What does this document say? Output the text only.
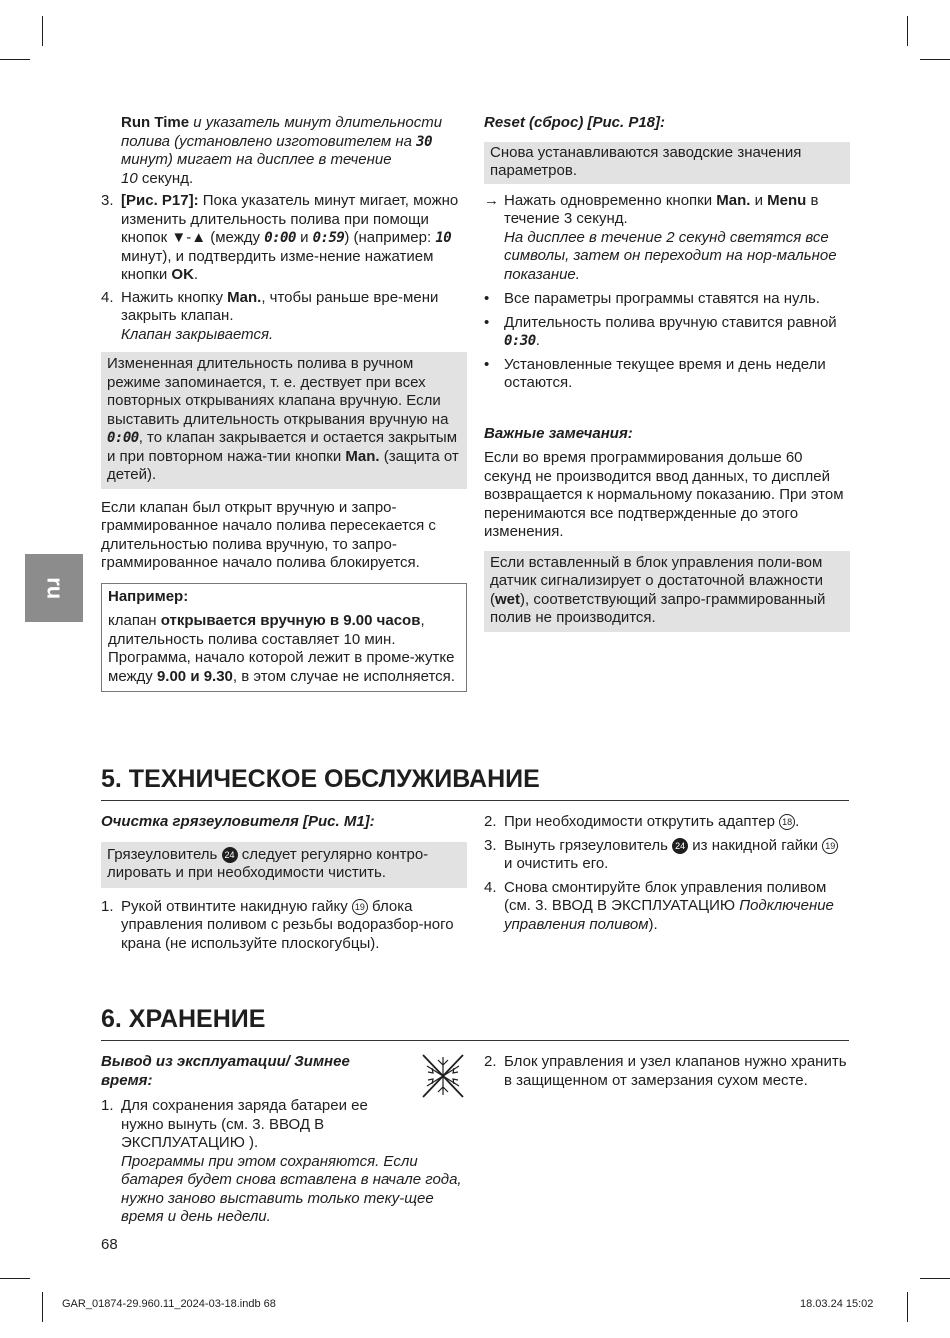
ru
Run Time и указатель минут длительности полива (установлено изготовителем на 30 минут) мигает на дисплее в течение
10 секунд.
3. [Рис. P17]: Пока указатель минут мигает, можно изменить длительность полива при помощи кнопок ▼-▲ (между 0:00 и 0:59) (например: 10 минут), и подтвердить изме-нение нажатием кнопки OK.
4. Нажить кнопку Man., чтобы раньше вре-мени закрыть клапан.
Клапан закрывается.
Измененная длительность полива в ручном режиме запоминается, т. е. дествует при всех повторных открываниях клапана вручную. Если выставить длительность открывания вручную на 0:00, то клапан закрывается и остается закрытым и при повторном нажа-тии кнопки Man. (защита от детей).

Если клапан был открыт вручную и запро-граммированное начало полива пересекается с длительностью полива вручную, то запро-граммированное начало полива блокируется.

Например:
клапан открывается вручную в 9.00 часов, длительность полива составляет 10 мин. Программа, начало которой лежит в проме-жутке между 9.00 и 9.30, в этом случае не исполняется.
Reset (сброс) [Рис. P18]:
Снова устанавливаются заводские значения параметров.
→ Нажать одновременно кнопки Man. и Menu в течение 3 секунд.
На дисплее в течение 2 секунд светятся все символы, затем он переходит на нор-мальное показание.
• Все параметры программы ставятся на нуль.
• Длительность полива вручную ставится равной 0:30.
• Установленные текущее время и день недели остаются.
Важные замечания:

Если во время программирования дольше 60 секунд не производится ввод данных, то дисплей возвращается к нормальному показанию. При этом перенимаются все подтвержденные до этого изменения.

Если вставленный в блок управления поли-вом датчик сигнализирует о достаточной влажности (wet), соответствующий запро-граммированный полив не производится.
5. ТЕХНИЧЕСКОЕ ОБСЛУЖИВАНИЕ
Очистка грязеуловителя [Рис. M1]:
Грязеуловитель 24 следует регулярно контро-лировать и при необходимости чистить.
1. Рукой отвинтите накидную гайку 19 блока управления поливом с резьбы водоразбор-ного крана (не используйте плоскогубцы).
2. При необходимости открутить адаптер 18 .
3. Вынуть грязеуловитель 24 из накидной гайки 19 и очистить его.
4. Снова смонтируйте блок управления поливом (см. 3. ВВОД В ЭКСПЛУАТАЦИЮ Подключение управления поливом).
6. ХРАНЕНИЕ
Вывод из эксплуатации/ Зимнее время:
1. Для сохранения заряда батареи ее нужно вынуть (см. 3. ВВОД В ЭКСПЛУАТАЦИЮ ).
Программы при этом сохраняются. Если батарея будет снова вставлена в начале года, нужно заново выставить только теку-щее время и день недели.
2. Блок управления и узел клапанов нужно хранить в защищенном от замерзания сухом месте.
68
GAR_01874-29.960.11_2024-03-18.indb 68	18.03.24 15:02
